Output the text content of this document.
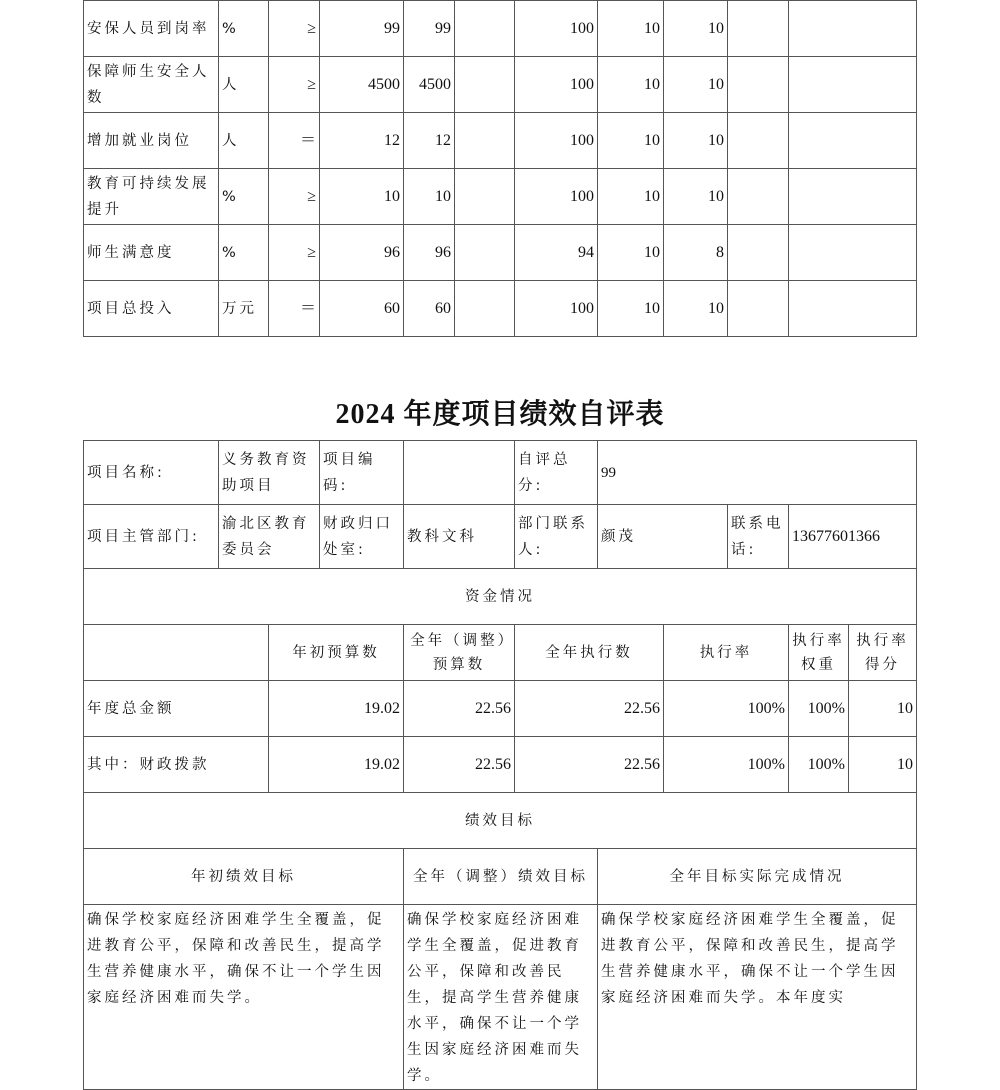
安保人员到岗率	%	≥	99	99		100	10	10		
保障师生安全人数	人	≥	4500	4500		100	10	10		
增加就业岗位	人	＝	12	12		100	10	10		
教育可持续发展提升	%	≥	10	10		100	10	10		
师生满意度	%	≥	96	96		94	10	8		
项目总投入	万元	＝	60	60		100	10	10		
2024 年度项目绩效自评表
项目名称:	义务教育资助项目		项目编码:		自评总分:	99				
项目主管部门:	渝北区教育委员会		财政归口处室:	教科文科	部门联系人:	颜茂		联系电话:	13677601366	
资金情况										
		年初预算数		全年（调整）预算数	全年执行数		执行率		执行率权重	执行率得分
年度总金额		19.02		22.56	22.56		100%		100%	10
其中：财政拨款		19.02		22.56	22.56		100%		100%	10
绩效目标										
年初绩效目标				全年（调整）绩效目标		全年目标实际完成情况				
确保学校家庭经济困难学生全覆盖，促进教育公平，保障和改善民生，提高学生营养健康水平，确保不让一个学生因家庭经济困难而失学。				确保学校家庭经济困难学生全覆盖，促进教育公平，保障和改善民生，提高学生营养健康水平，确保不让一个学生因家庭经济困难而失学。		确保学校家庭经济困难学生全覆盖，促进教育公平，保障和改善民生，提高学生营养健康水平，确保不让一个学生因家庭经济困难而失学。本年度实				
